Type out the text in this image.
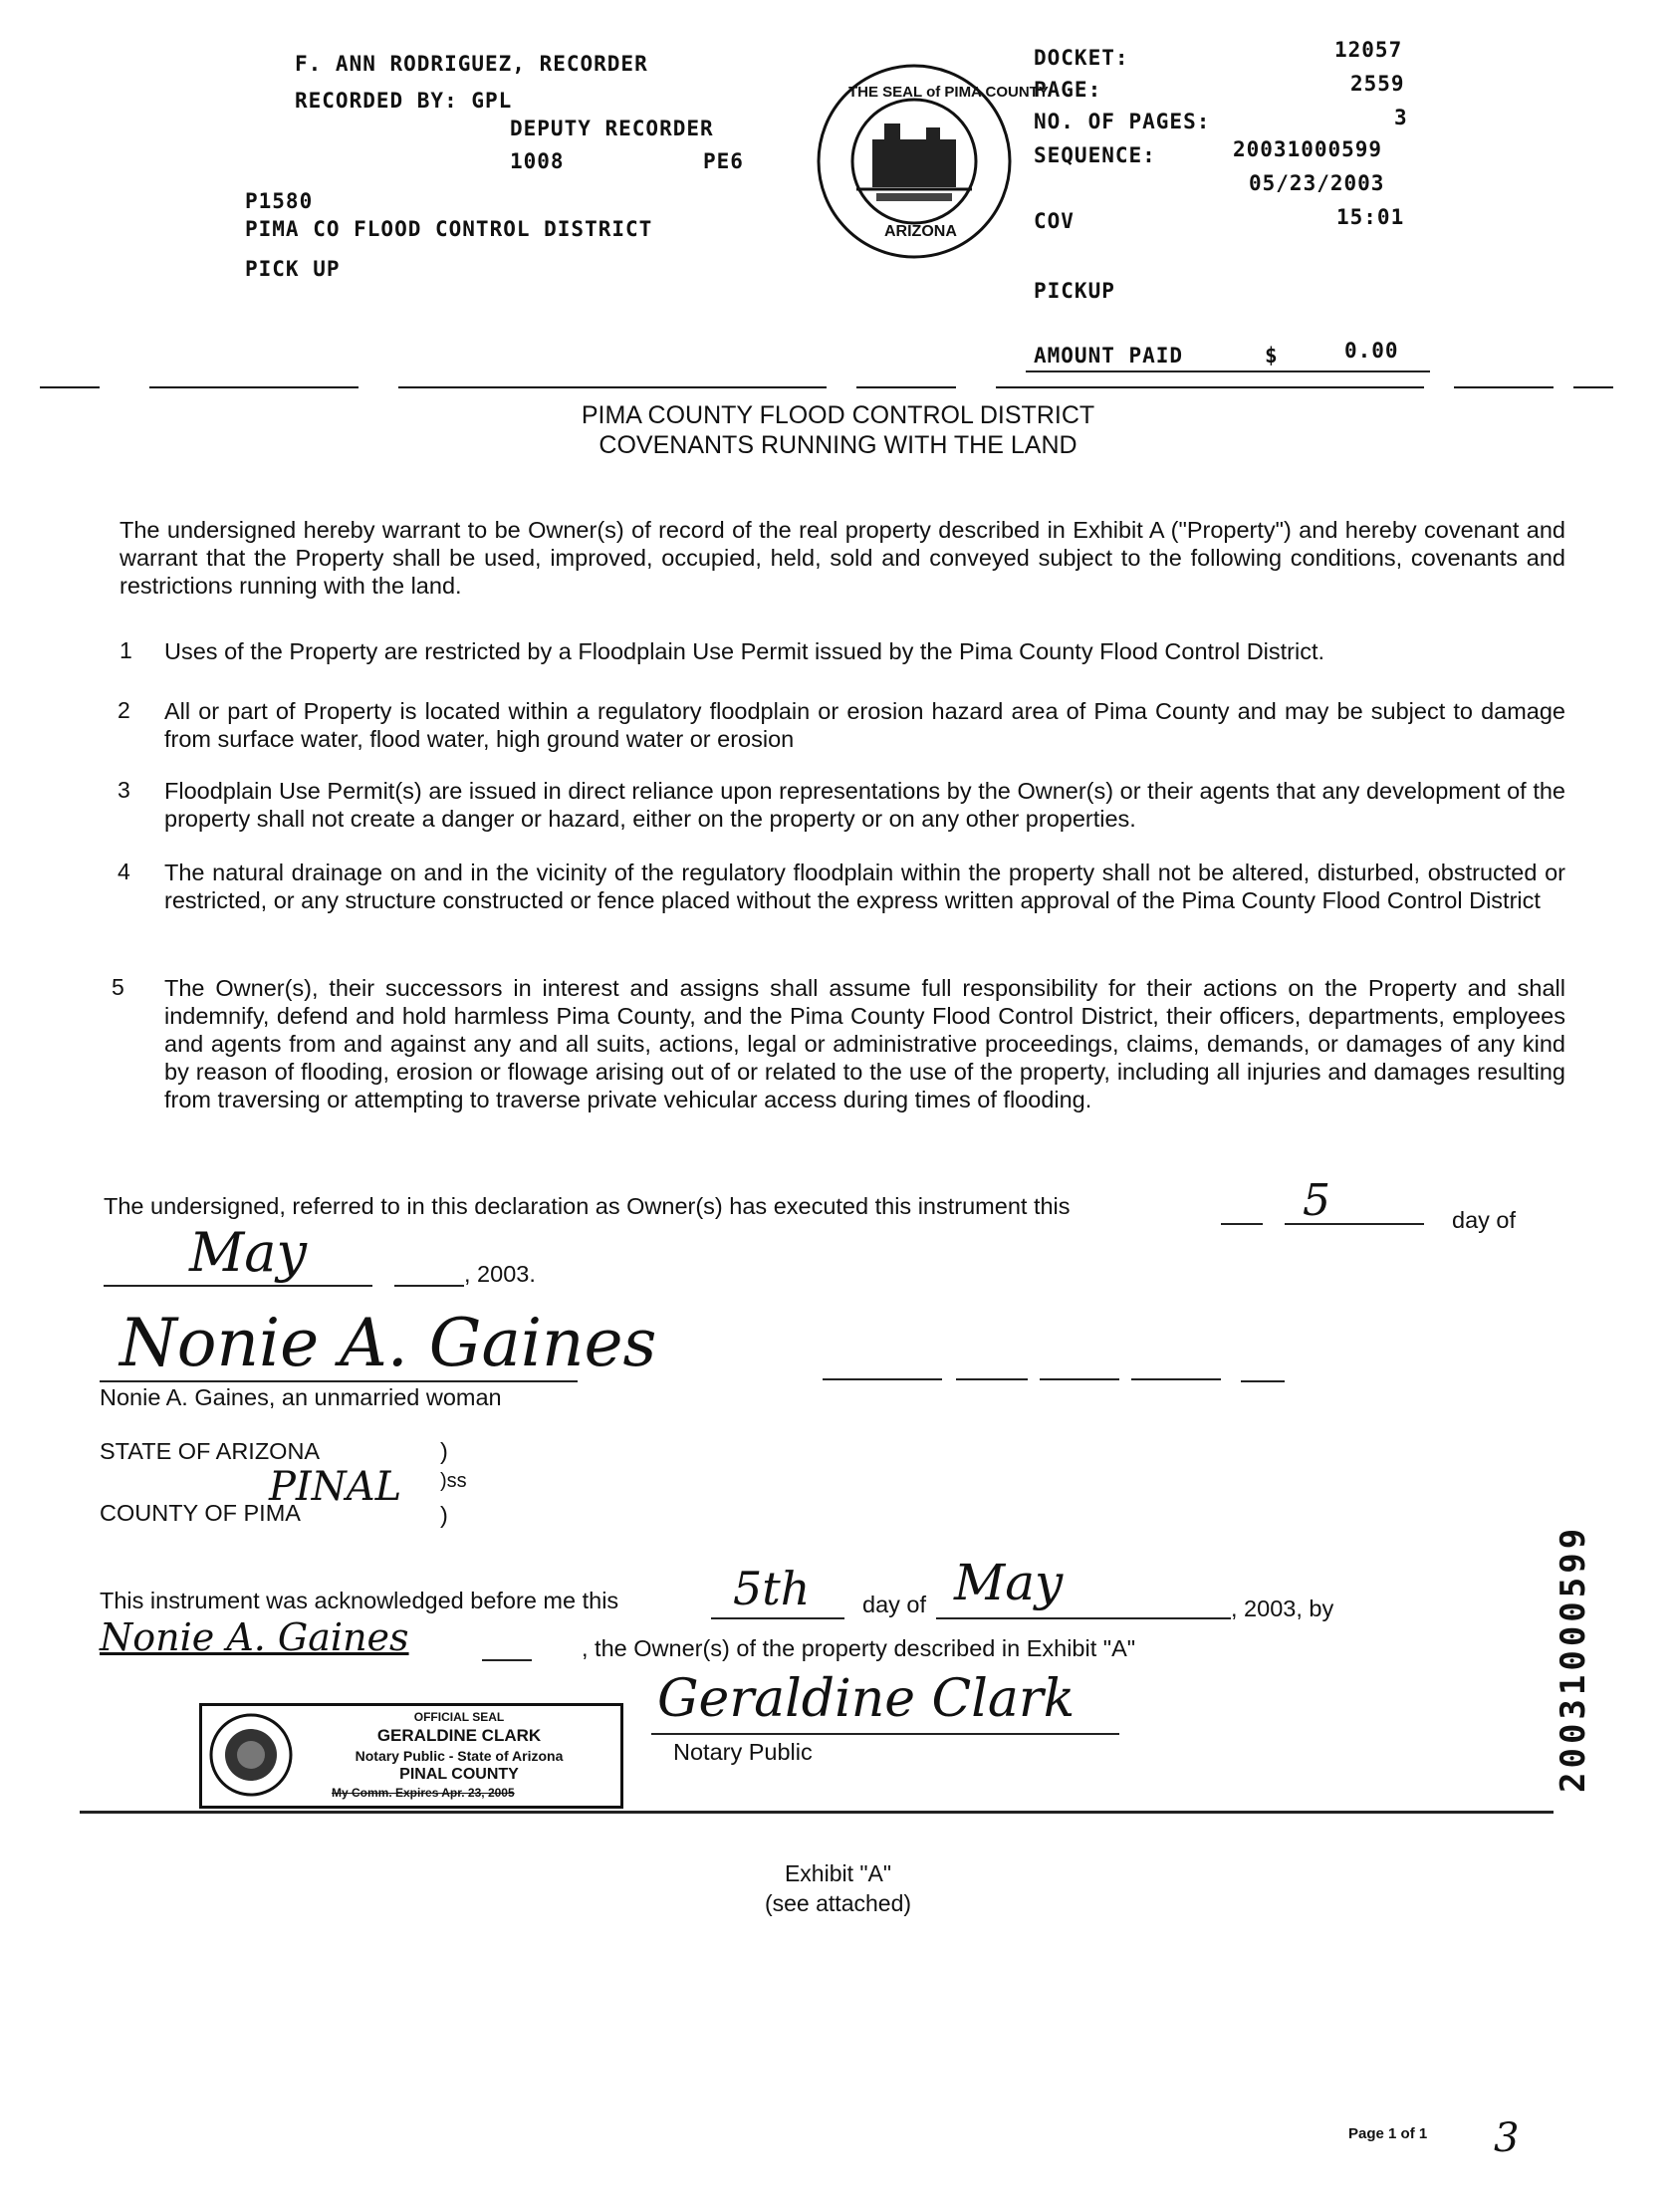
F. ANN RODRIGUEZ, RECORDER
RECORDED BY: GPL
DEPUTY RECORDER
1008	PE6
P1580
PIMA CO FLOOD CONTROL DISTRICT
PICK UP
THE SEAL of PIMA COUNTY
ARIZONA
DOCKET:	12057
PAGE:	2559
NO. OF PAGES:	3
SEQUENCE:	20031000599
05/23/2003
COV	15:01
PICKUP
AMOUNT PAID	$	0.00
PIMA COUNTY FLOOD CONTROL DISTRICT
COVENANTS RUNNING WITH THE LAND
The undersigned hereby warrant to be Owner(s) of record of the real property described in Exhibit A ("Property") and hereby covenant and warrant that the Property shall be used, improved, occupied, held, sold and conveyed subject to the following conditions, covenants and restrictions running with the land.
1 Uses of the Property are restricted by a Floodplain Use Permit issued by the Pima County Flood Control District.
2 All or part of Property is located within a regulatory floodplain or erosion hazard area of Pima County and may be subject to damage from surface water, flood water, high ground water or erosion
3 Floodplain Use Permit(s) are issued in direct reliance upon representations by the Owner(s) or their agents that any development of the property shall not create a danger or hazard, either on the property or on any other properties.
4 The natural drainage on and in the vicinity of the regulatory floodplain within the property shall not be altered, disturbed, obstructed or restricted, or any structure constructed or fence placed without the express written approval of the Pima County Flood Control District
5 The Owner(s), their successors in interest and assigns shall assume full responsibility for their actions on the Property and shall indemnify, defend and hold harmless Pima County, and the Pima County Flood Control District, their officers, departments, employees and agents from and against any and all suits, actions, legal or administrative proceedings, claims, demands, or damages of any kind by reason of flooding, erosion or flowage arising out of or related to the use of the property, including all injuries and damages resulting from traversing or attempting to traverse private vehicular access during times of flooding.
The undersigned, referred to in this declaration as Owner(s) has executed this instrument this	5	day of
May	, 2003.
Nonie A. Gaines
Nonie A. Gaines, an unmarried woman
STATE OF ARIZONA	)
COUNTY OF PIMA
PINAL )ss
)
This instrument was acknowledged before me this 5th day of May	, 2003, by
Nonie A. Gaines	, the Owner(s) of the property described in Exhibit "A"
Geraldine Clark
Notary Public
OFFICIAL SEAL
GERALDINE CLARK
Notary Public - State of Arizona
PINAL COUNTY
My Comm. Expires Apr. 23, 2005
Exhibit "A"
(see attached)
Page 1 of 1 3
20031000599
